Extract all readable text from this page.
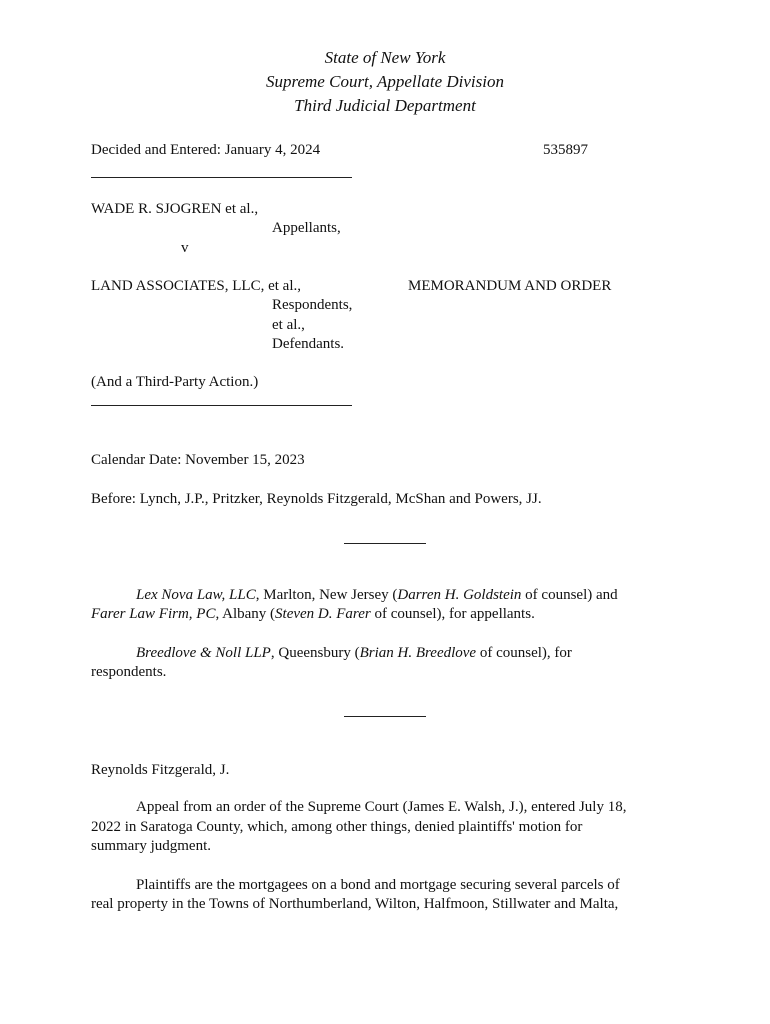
State of New York
Supreme Court, Appellate Division
Third Judicial Department
Decided and Entered: January 4, 2024	535897
WADE R. SJOGREN et al.,
Appellants,
v
LAND ASSOCIATES, LLC, et al.,	MEMORANDUM AND ORDER
Respondents,
et al.,
Defendants.
(And a Third-Party Action.)
Calendar Date: November 15, 2023
Before: Lynch, J.P., Pritzker, Reynolds Fitzgerald, McShan and Powers, JJ.
Lex Nova Law, LLC, Marlton, New Jersey (Darren H. Goldstein of counsel) and
Farer Law Firm, PC, Albany (Steven D. Farer of counsel), for appellants.
Breedlove & Noll LLP, Queensbury (Brian H. Breedlove of counsel), for
respondents.
Reynolds Fitzgerald, J.
Appeal from an order of the Supreme Court (James E. Walsh, J.), entered July 18,
2022 in Saratoga County, which, among other things, denied plaintiffs' motion for
summary judgment.
Plaintiffs are the mortgagees on a bond and mortgage securing several parcels of
real property in the Towns of Northumberland, Wilton, Halfmoon, Stillwater and Malta,
